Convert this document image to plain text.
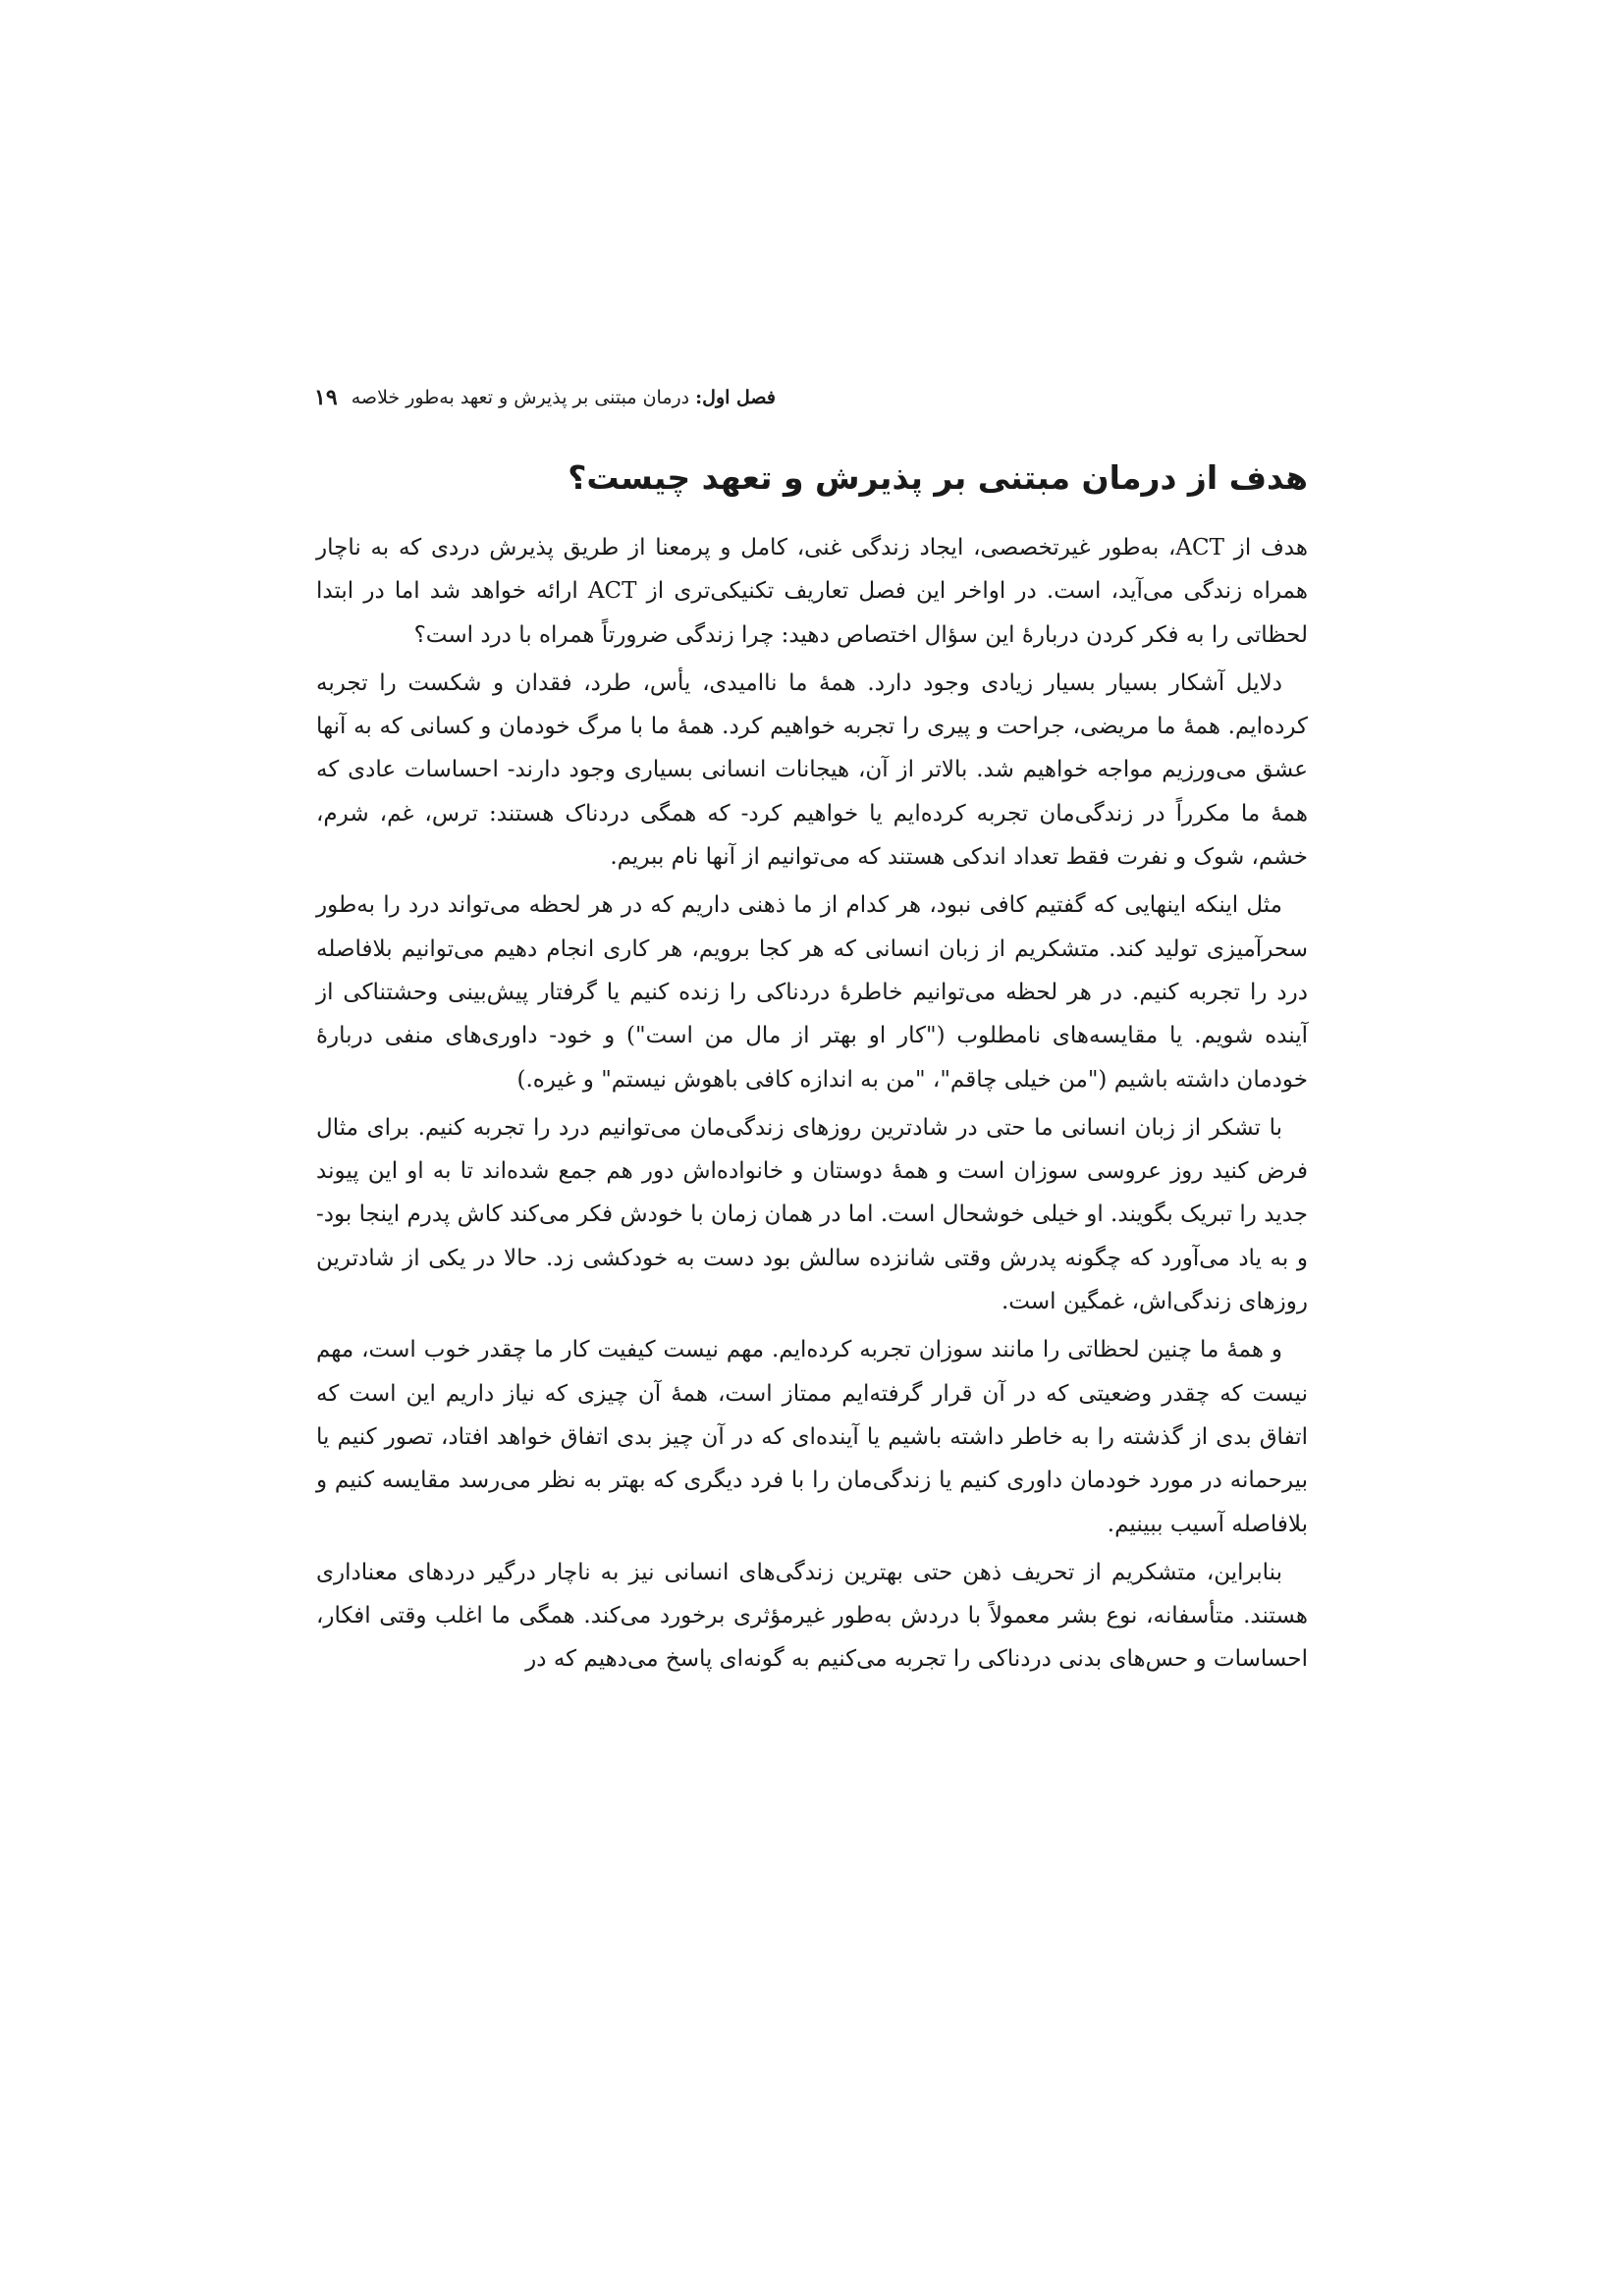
فصل اول:
درمان مبتنی بر پذیرش و تعهد به‌طور خلاصه
۱۹
هدف از درمان مبتنی بر پذیرش و تعهد چیست؟

هدف از ACT، به‌طور غیرتخصصی، ایجاد زندگی غنی، کامل و پرمعنا از طریق پذیرش دردی که به ناچار همراه زندگی می‌آید، است. در اواخر این فصل تعاریف تکنیکی‌تری از ACT ارائه خواهد شد اما در ابتدا لحظاتی را به فکر کردن دربارهٔ این سؤال اختصاص دهید: چرا زندگی ضرورتاً همراه با درد است؟

دلایل آشکار بسیار بسیار زیادی وجود دارد. همهٔ ما ناامیدی، یأس، طرد، فقدان و شکست را تجربه کرده‌ایم. همهٔ ما مریضی، جراحت و پیری را تجربه خواهیم کرد. همهٔ ما با مرگ خودمان و کسانی که به آنها عشق می‌ورزیم مواجه خواهیم شد. بالاتر از آن، هیجانات انسانی بسیاری وجود دارند- احساسات عادی که همهٔ ما مکرراً در زندگی‌مان تجربه کرده‌ایم یا خواهیم کرد- که همگی دردناک هستند: ترس، غم، شرم، خشم، شوک و نفرت فقط تعداد اندکی هستند که می‌توانیم از آنها نام ببریم.

مثل اینکه اینهایی که گفتیم کافی نبود، هر کدام از ما ذهنی داریم که در هر لحظه می‌تواند درد را به‌طور سحرآمیزی تولید کند. متشکریم از زبان انسانی که هر کجا برویم، هر کاری انجام دهیم می‌توانیم بلافاصله درد را تجربه کنیم. در هر لحظه می‌توانیم خاطرهٔ دردناکی را زنده کنیم یا گرفتار پیش‌بینی وحشتناکی از آینده شویم. یا مقایسه‌های نامطلوب ("کار او بهتر از مال من است") و خود- داوری‌های منفی دربارهٔ خودمان داشته باشیم ("من خیلی چاقم"، "من به اندازه کافی باهوش نیستم" و غیره.)

با تشکر از زبان انسانی ما حتی در شادترین روزهای زندگی‌مان می‌توانیم درد را تجربه کنیم. برای مثال فرض کنید روز عروسی سوزان است و همهٔ دوستان و خانواده‌اش دور هم جمع شده‌اند تا به او این پیوند جدید را تبریک بگویند. او خیلی خوشحال است. اما در همان زمان با خودش فکر می‌کند کاش پدرم اینجا بود- و به یاد می‌آورد که چگونه پدرش وقتی شانزده سالش بود دست به خودکشی زد. حالا در یکی از شادترین روزهای زندگی‌اش، غمگین است.

و همهٔ ما چنین لحظاتی را مانند سوزان تجربه کرده‌ایم. مهم نیست کیفیت کار ما چقدر خوب است، مهم نیست که چقدر وضعیتی که در آن قرار گرفته‌ایم ممتاز است، همهٔ آن چیزی که نیاز داریم این است که اتفاق بدی از گذشته را به خاطر داشته باشیم یا آینده‌ای که در آن چیز بدی اتفاق خواهد افتاد، تصور کنیم یا بیرحمانه در مورد خودمان داوری کنیم یا زندگی‌مان را با فرد دیگری که بهتر به نظر می‌رسد مقایسه کنیم و بلافاصله آسیب ببینیم.

بنابراین، متشکریم از تحریف ذهن حتی بهترین زندگی‌های انسانی نیز به ناچار درگیر دردهای معناداری هستند. متأسفانه، نوع بشر معمولاً با دردش به‌طور غیرمؤثری برخورد می‌کند. همگی ما اغلب وقتی افکار، احساسات و حس‌های بدنی دردناکی را تجربه می‌کنیم به گونه‌ای پاسخ می‌دهیم که در
